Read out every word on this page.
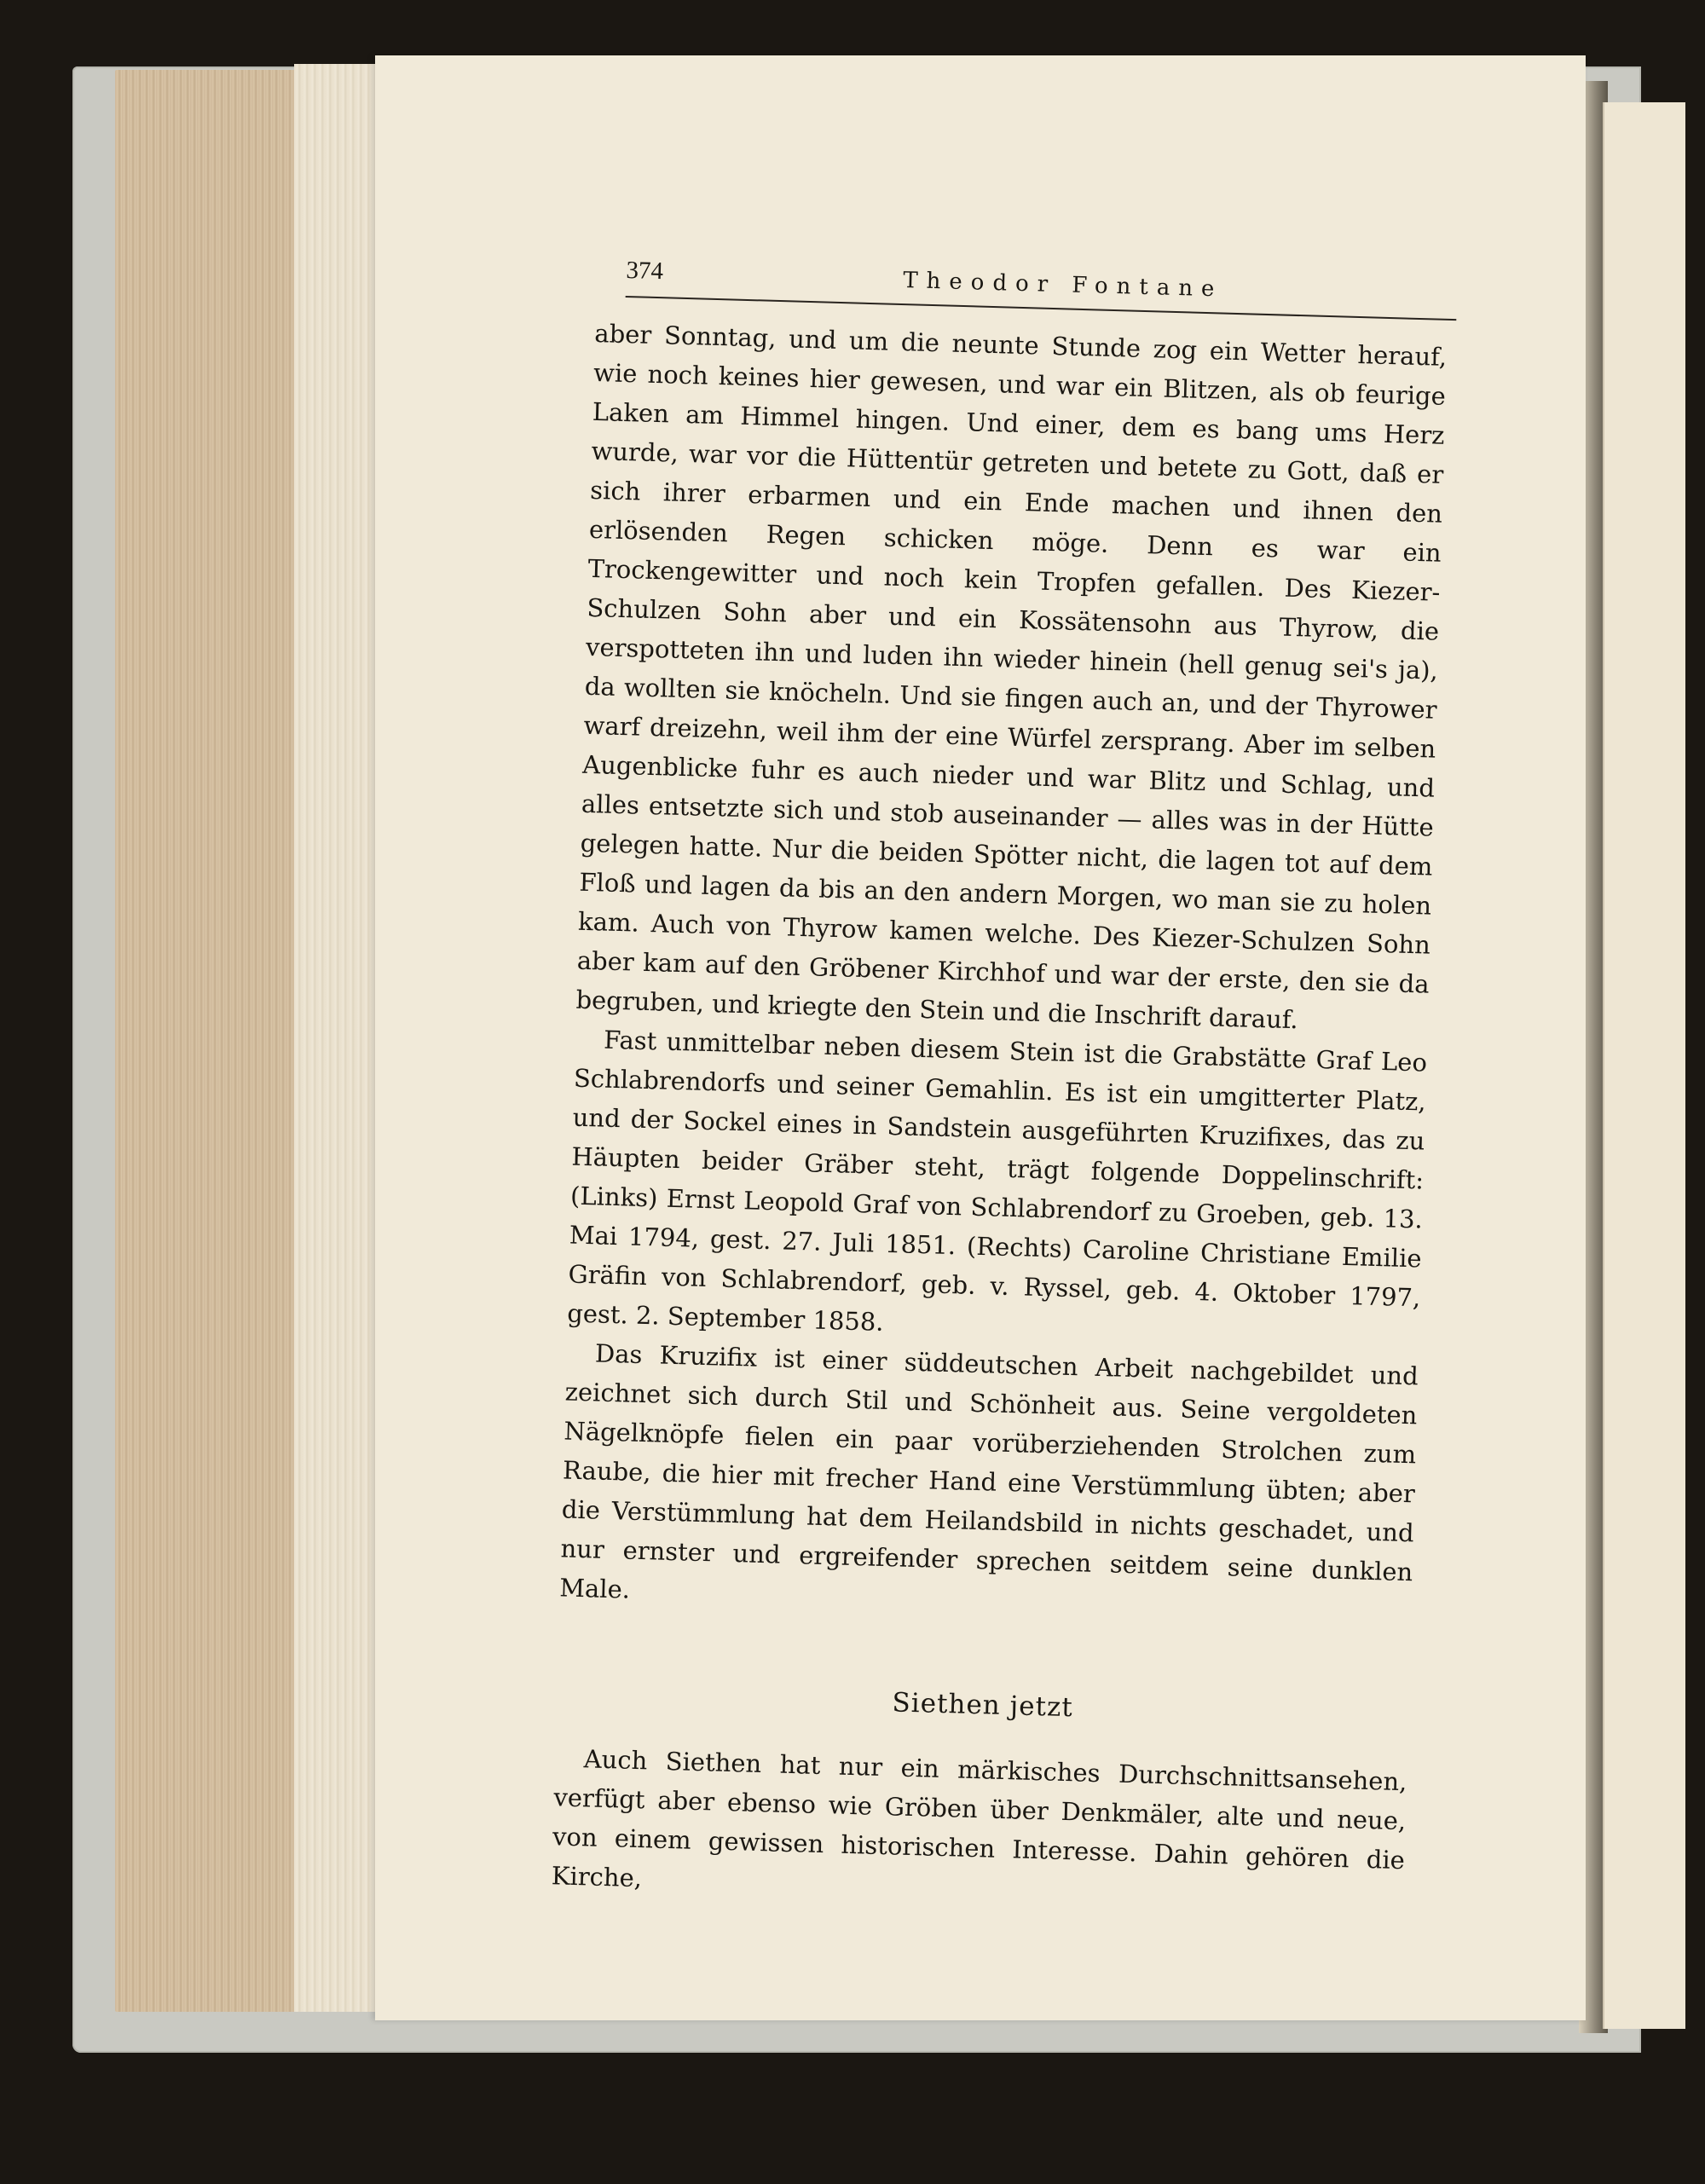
374	Theodor Fontane

aber Sonntag, und um die neunte Stunde zog ein Wetter herauf, wie noch keines hier gewesen, und war ein Blitzen, als ob feurige Laken am Himmel hingen. Und einer, dem es bang ums Herz wurde, war vor die Hüttentür getreten und betete zu Gott, daß er sich ihrer erbarmen und ein Ende machen und ihnen den erlösenden Regen schicken möge. Denn es war ein Trockengewitter und noch kein Tropfen gefallen. Des Kiezer-Schulzen Sohn aber und ein Kossätensohn aus Thyrow, die verspotteten ihn und luden ihn wieder hinein (hell genug sei's ja), da wollten sie knöcheln. Und sie fingen auch an, und der Thyrower warf dreizehn, weil ihm der eine Würfel zersprang. Aber im selben Augenblicke fuhr es auch nieder und war Blitz und Schlag, und alles entsetzte sich und stob auseinander — alles was in der Hütte gelegen hatte. Nur die beiden Spötter nicht, die lagen tot auf dem Floß und lagen da bis an den andern Morgen, wo man sie zu holen kam. Auch von Thyrow kamen welche. Des Kiezer-Schulzen Sohn aber kam auf den Gröbener Kirchhof und war der erste, den sie da begruben, und kriegte den Stein und die Inschrift darauf.

Fast unmittelbar neben diesem Stein ist die Grabstätte Graf Leo Schlabrendorfs und seiner Gemahlin. Es ist ein umgitterter Platz, und der Sockel eines in Sandstein ausgeführten Kruzifixes, das zu Häupten beider Gräber steht, trägt folgende Doppelinschrift: (Links) Ernst Leopold Graf von Schlabrendorf zu Groeben, geb. 13. Mai 1794, gest. 27. Juli 1851. (Rechts) Caroline Christiane Emilie Gräfin von Schlabrendorf, geb. v. Ryssel, geb. 4. Oktober 1797, gest. 2. September 1858.

Das Kruzifix ist einer süddeutschen Arbeit nachgebildet und zeichnet sich durch Stil und Schönheit aus. Seine vergoldeten Nägelknöpfe fielen ein paar vorüberziehenden Strolchen zum Raube, die hier mit frecher Hand eine Verstümmlung übten; aber die Verstümmlung hat dem Heilandsbild in nichts geschadet, und nur ernster und ergreifender sprechen seitdem seine dunklen Male.

Siethen jetzt

Auch Siethen hat nur ein märkisches Durchschnittsansehen, verfügt aber ebenso wie Gröben über Denkmäler, alte und neue, von einem gewissen historischen Interesse. Dahin gehören die Kirche,
